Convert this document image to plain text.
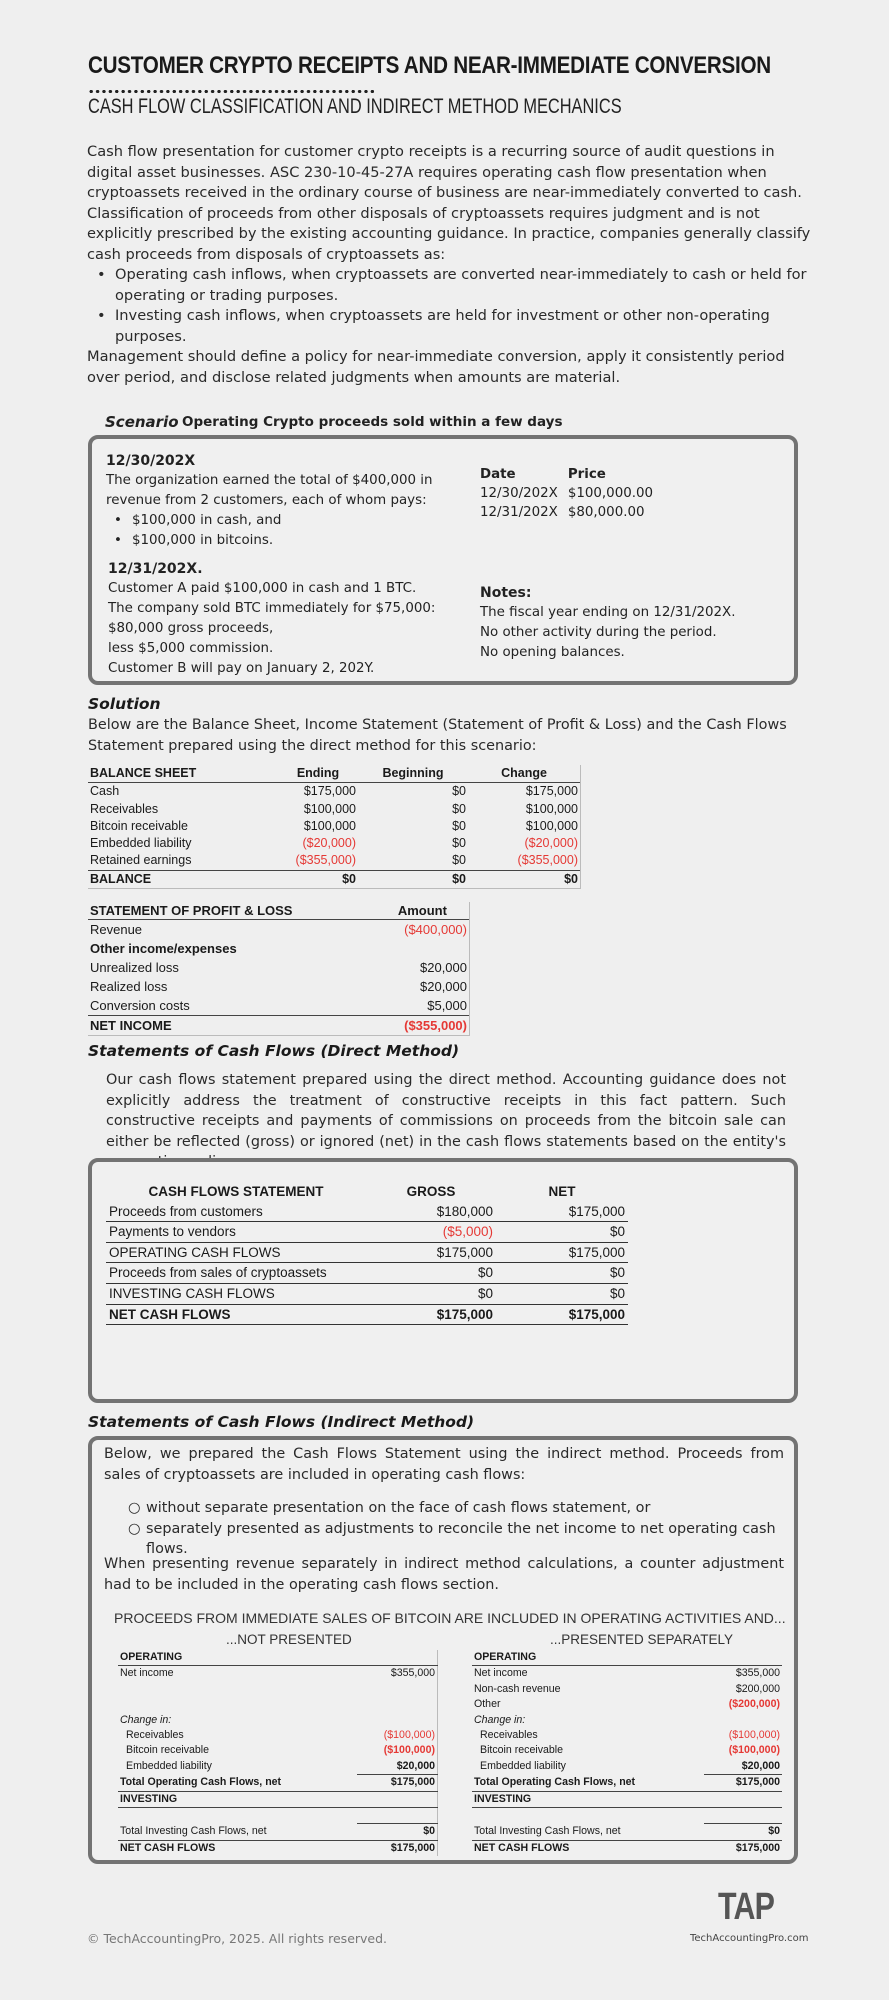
CUSTOMER CRYPTO RECEIPTS AND NEAR-IMMEDIATE CONVERSION
CASH FLOW CLASSIFICATION AND INDIRECT METHOD MECHANICS

Cash flow presentation for customer crypto receipts is a recurring source of audit questions in digital asset businesses. ASC 230-10-45-27A requires operating cash flow presentation when cryptoassets received in the ordinary course of business are near-immediately converted to cash. Classification of proceeds from other disposals of cryptoassets requires judgment and is not explicitly prescribed by the existing accounting guidance. In practice, companies generally classify cash proceeds from disposals of cryptoassets as:

• Operating cash inflows, when cryptoassets are converted near-immediately to cash or held for operating or trading purposes.
• Investing cash inflows, when cryptoassets are held for investment or other non-operating purposes.

Management should define a policy for near-immediate conversion, apply it consistently period over period, and disclose related judgments when amounts are material.

Scenario Operating Crypto proceeds sold within a few days
12/30/202X
The organization earned the total of $400,000 in revenue from 2 customers, each of whom pays:
• $100,000 in cash, and
• $100,000 in bitcoins.
12/31/202X.
Customer A paid $100,000 in cash and 1 BTC.
The company sold BTC immediately for $75,000:
$80,000 gross proceeds,
less $5,000 commission.
Customer B will pay on January 2, 202Y.
Date	Price
12/30/202X	$100,000.00
12/31/202X	$80,000.00
Notes:
The fiscal year ending on 12/31/202X.
No other activity during the period.
No opening balances.
Solution
Below are the Balance Sheet, Income Statement (Statement of Profit & Loss) and the Cash Flows Statement prepared using the direct method for this scenario:
BALANCE SHEET	Ending	Beginning	Change
Cash	$175,000	$0	$175,000
Receivables	$100,000	$0	$100,000
Bitcoin receivable	$100,000	$0	$100,000
Embedded liability	($20,000)	$0	($20,000)
Retained earnings	($355,000)	$0	($355,000)
BALANCE	$0	$0	$0
STATEMENT OF PROFIT & LOSS	Amount
Revenue	($400,000)
Other income/expenses	
Unrealized loss	$20,000
Realized loss	$20,000
Conversion costs	$5,000
NET INCOME	($355,000)
Statements of Cash Flows (Direct Method)
Our cash flows statement prepared using the direct method. Accounting guidance does not explicitly address the treatment of constructive receipts in this fact pattern. Such constructive receipts and payments of commissions on proceeds from the bitcoin sale can either be reflected (gross) or ignored (net) in the cash flows statements based on the entity's
CASH FLOWS STATEMENT	GROSS	NET
Proceeds from customers	$180,000	$175,000
Payments to vendors	($5,000)	$0
OPERATING CASH FLOWS	$175,000	$175,000
Proceeds from sales of cryptoassets	$0	$0
INVESTING CASH FLOWS	$0	$0
NET CASH FLOWS	$175,000	$175,000
Statements of Cash Flows (Indirect Method)
Below, we prepared the Cash Flows Statement using the indirect method. Proceeds from sales of cryptoassets are included in operating cash flows:
○ without separate presentation on the face of cash flows statement, or
○ separately presented as adjustments to reconcile the net income to net operating cash flows.
When presenting revenue separately in indirect method calculations, a counter adjustment had to be included in the operating cash flows section.
PROCEEDS FROM IMMEDIATE SALES OF BITCOIN ARE INCLUDED IN OPERATING ACTIVITIES AND...
...NOT PRESENTED	...PRESENTED SEPARATELY
OPERATING	
Net income	$355,000

Change in:	
Receivables	($100,000)
Bitcoin receivable	($100,000)
Embedded liability	$20,000
Total Operating Cash Flows, net	$175,000
INVESTING	

Total Investing Cash Flows, net	$0
NET CASH FLOWS	$175,000
OPERATING	
Net income	$355,000
Non-cash revenue	$200,000
Other	($200,000)
Change in:	
Receivables	($100,000)
Bitcoin receivable	($100,000)
Embedded liability	$20,000
Total Operating Cash Flows, net	$175,000
INVESTING	

Total Investing Cash Flows, net	$0
NET CASH FLOWS	$175,000
© TechAccountingPro, 2025. All rights reserved.
TAP
TechAccountingPro.com
